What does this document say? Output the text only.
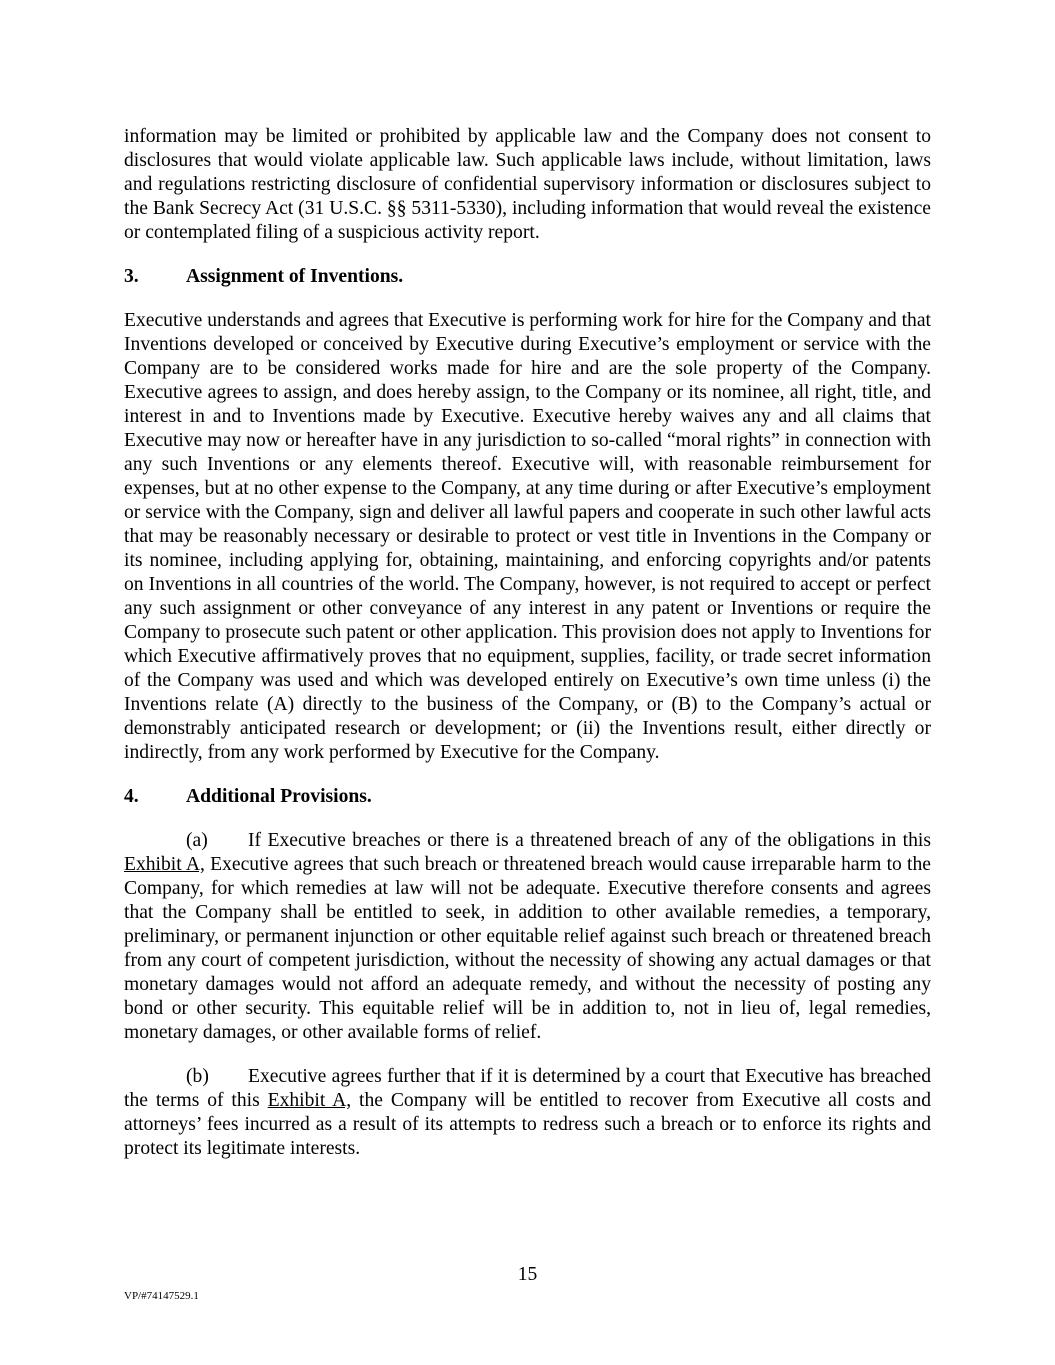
information may be limited or prohibited by applicable law and the Company does not consent to disclosures that would violate applicable law. Such applicable laws include, without limitation, laws and regulations restricting disclosure of confidential supervisory information or disclosures subject to the Bank Secrecy Act (31 U.S.C. §§ 5311-5330), including information that would reveal the existence or contemplated filing of a suspicious activity report.

3.	Assignment of Inventions.

Executive understands and agrees that Executive is performing work for hire for the Company and that Inventions developed or conceived by Executive during Executive’s employment or service with the Company are to be considered works made for hire and are the sole property of the Company. Executive agrees to assign, and does hereby assign, to the Company or its nominee, all right, title, and interest in and to Inventions made by Executive. Executive hereby waives any and all claims that Executive may now or hereafter have in any jurisdiction to so-called “moral rights” in connection with any such Inventions or any elements thereof. Executive will, with reasonable reimbursement for expenses, but at no other expense to the Company, at any time during or after Executive’s employment or service with the Company, sign and deliver all lawful papers and cooperate in such other lawful acts that may be reasonably necessary or desirable to protect or vest title in Inventions in the Company or its nominee, including applying for, obtaining, maintaining, and enforcing copyrights and/or patents on Inventions in all countries of the world. The Company, however, is not required to accept or perfect any such assignment or other conveyance of any interest in any patent or Inventions or require the Company to prosecute such patent or other application. This provision does not apply to Inventions for which Executive affirmatively proves that no equipment, supplies, facility, or trade secret information of the Company was used and which was developed entirely on Executive’s own time unless (i) the Inventions relate (A) directly to the business of the Company, or (B) to the Company’s actual or demonstrably anticipated research or development; or (ii) the Inventions result, either directly or indirectly, from any work performed by Executive for the Company.

4.	Additional Provisions.

(a) If Executive breaches or there is a threatened breach of any of the obligations in this Exhibit A, Executive agrees that such breach or threatened breach would cause irreparable harm to the Company, for which remedies at law will not be adequate. Executive therefore consents and agrees that the Company shall be entitled to seek, in addition to other available remedies, a temporary, preliminary, or permanent injunction or other equitable relief against such breach or threatened breach from any court of competent jurisdiction, without the necessity of showing any actual damages or that monetary damages would not afford an adequate remedy, and without the necessity of posting any bond or other security. This equitable relief will be in addition to, not in lieu of, legal remedies, monetary damages, or other available forms of relief.

(b) Executive agrees further that if it is determined by a court that Executive has breached the terms of this Exhibit A, the Company will be entitled to recover from Executive all costs and attorneys’ fees incurred as a result of its attempts to redress such a breach or to enforce its rights and protect its legitimate interests.

15
VP/#74147529.1
